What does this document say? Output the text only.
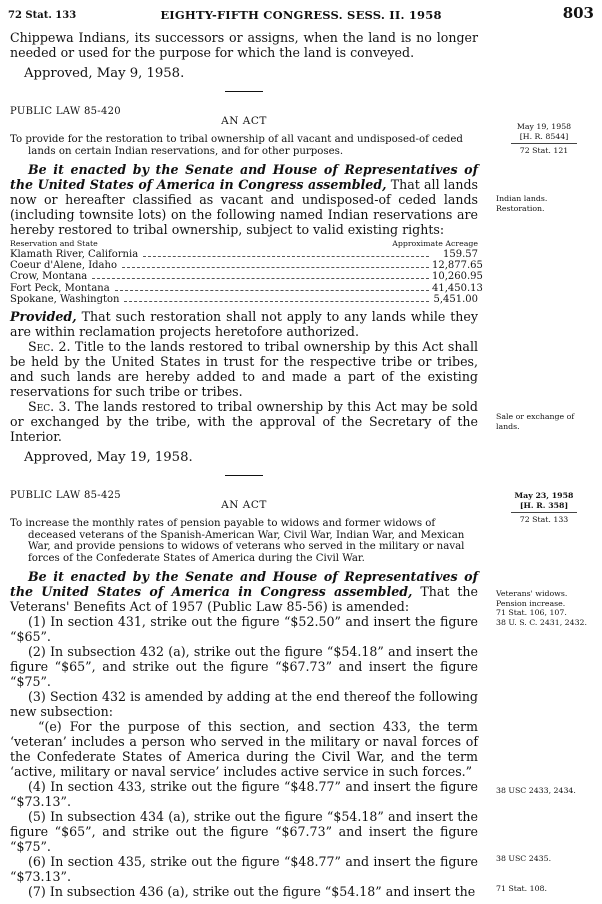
72 Stat. 133	EIGHTY-FIFTH CONGRESS. SESS. II. 1958	803

Chippewa Indians, its successors or assigns, when the land is no longer needed or used for the purpose for which the land is conveyed.

Approved, May 9, 1958.

PUBLIC LAW 85-420
AN ACT

To provide for the restoration to tribal ownership of all vacant and undisposed-of ceded lands on certain Indian reservations, and for other purposes.

Be it enacted by the Senate and House of Representatives of the United States of America in Congress assembled, That all lands now or hereafter classified as vacant and undisposed-of ceded lands (including townsite lots) on the following named Indian reservations are hereby restored to tribal ownership, subject to valid existing rights:

Reservation and State	Approximate Acreage
Klamath River, California	159.57
Coeur d'Alene, Idaho	12,877.65
Crow, Montana	10,260.95
Fort Peck, Montana	41,450.13
Spokane, Washington	5,451.00

Provided, That such restoration shall not apply to any lands while they are within reclamation projects heretofore authorized.

Sec. 2. Title to the lands restored to tribal ownership by this Act shall be held by the United States in trust for the respective tribe or tribes, and such lands are hereby added to and made a part of the existing reservations for such tribe or tribes.

Sec. 3. The lands restored to tribal ownership by this Act may be sold or exchanged by the tribe, with the approval of the Secretary of the Interior.

Approved, May 19, 1958.

PUBLIC LAW 85-425
AN ACT

To increase the monthly rates of pension payable to widows and former widows of deceased veterans of the Spanish-American War, Civil War, Indian War, and Mexican War, and provide pensions to widows of veterans who served in the military or naval forces of the Confederate States of America during the Civil War.

Be it enacted by the Senate and House of Representatives of the United States of America in Congress assembled, That the Veterans' Benefits Act of 1957 (Public Law 85-56) is amended:

(1) In section 431, strike out the figure “$52.50” and insert the figure “$65”.

(2) In subsection 432 (a), strike out the figure “$54.18” and insert the figure “$65”, and strike out the figure “$67.73” and insert the figure “$75”.

(3) Section 432 is amended by adding at the end thereof the following new subsection:

“(e) For the purpose of this section, and section 433, the term ‘veteran’ includes a person who served in the military or naval forces of the Confederate States of America during the Civil War, and the term ‘active, military or naval service’ includes active service in such forces.”

(4) In section 433, strike out the figure “$48.77” and insert the figure “$73.13”.

(5) In subsection 434 (a), strike out the figure “$54.18” and insert the figure “$65”, and strike out the figure “$67.73” and insert the figure “$75”.

(6) In section 435, strike out the figure “$48.77” and insert the figure “$73.13”.

(7) In subsection 436 (a), strike out the figure “$54.18” and insert the

May 19, 1958
[H. R. 8544]
72 Stat. 121
Indian lands.
Restoration.
Sale or exchange of lands.
May 23, 1958
[H. R. 358]
72 Stat. 133
Veterans' widows.
Pension increase.
71 Stat. 106, 107.
38 U. S. C. 2431, 2432.
38 USC 2433, 2434.
38 USC 2435.
71 Stat. 108.
